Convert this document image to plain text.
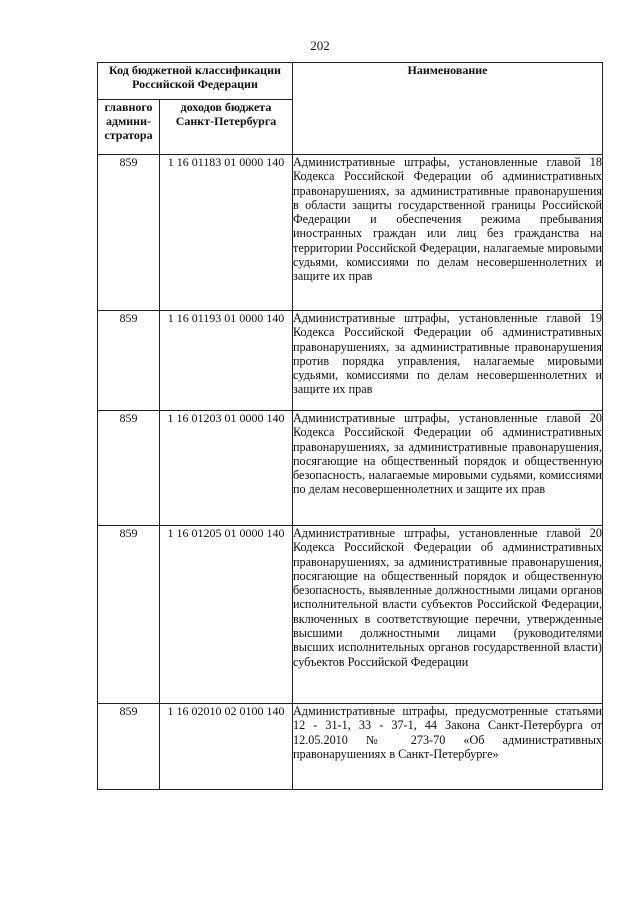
202
Код бюджетной классификации Российской Федерации		Наименование
главного админи-стратора	доходов бюджета Санкт-Петербурга	
859	1 16 01183 01 0000 140	Административные штрафы, установленные главой 18 Кодекса Российской Федерации об административных правонарушениях, за административные правонарушения в области защиты государственной границы Российской Федерации и обеспечения режима пребывания иностранных граждан или лиц без гражданства на территории Российской Федерации, налагаемые мировыми судьями, комиссиями по делам несовершеннолетних и защите их прав
859	1 16 01193 01 0000 140	Административные штрафы, установленные главой 19 Кодекса Российской Федерации об административных правонарушениях, за административные правонарушения против порядка управления, налагаемые мировыми судьями, комиссиями по делам несовершеннолетних и защите их прав
859	1 16 01203 01 0000 140	Административные штрафы, установленные главой 20 Кодекса Российской Федерации об административных правонарушениях, за административные правонарушения, посягающие на общественный порядок и общественную безопасность, налагаемые мировыми судьями, комиссиями по делам несовершеннолетних и защите их прав
859	1 16 01205 01 0000 140	Административные штрафы, установленные главой 20 Кодекса Российской Федерации об административных правонарушениях, за административные правонарушения, посягающие на общественный порядок и общественную безопасность, выявленные должностными лицами органов исполнительной власти субъектов Российской Федерации, включенных в соответствующие перечни, утвержденные высшими должностными лицами (руководителями высших исполнительных органов государственной власти) субъектов Российской Федерации
859	1 16 02010 02 0100 140	Административные штрафы, предусмотренные статьями 12 - 31-1, 33 - 37-1, 44 Закона Санкт-Петербурга от 12.05.2010 № 273-70 «Об административных правонарушениях в Санкт-Петербурге»
